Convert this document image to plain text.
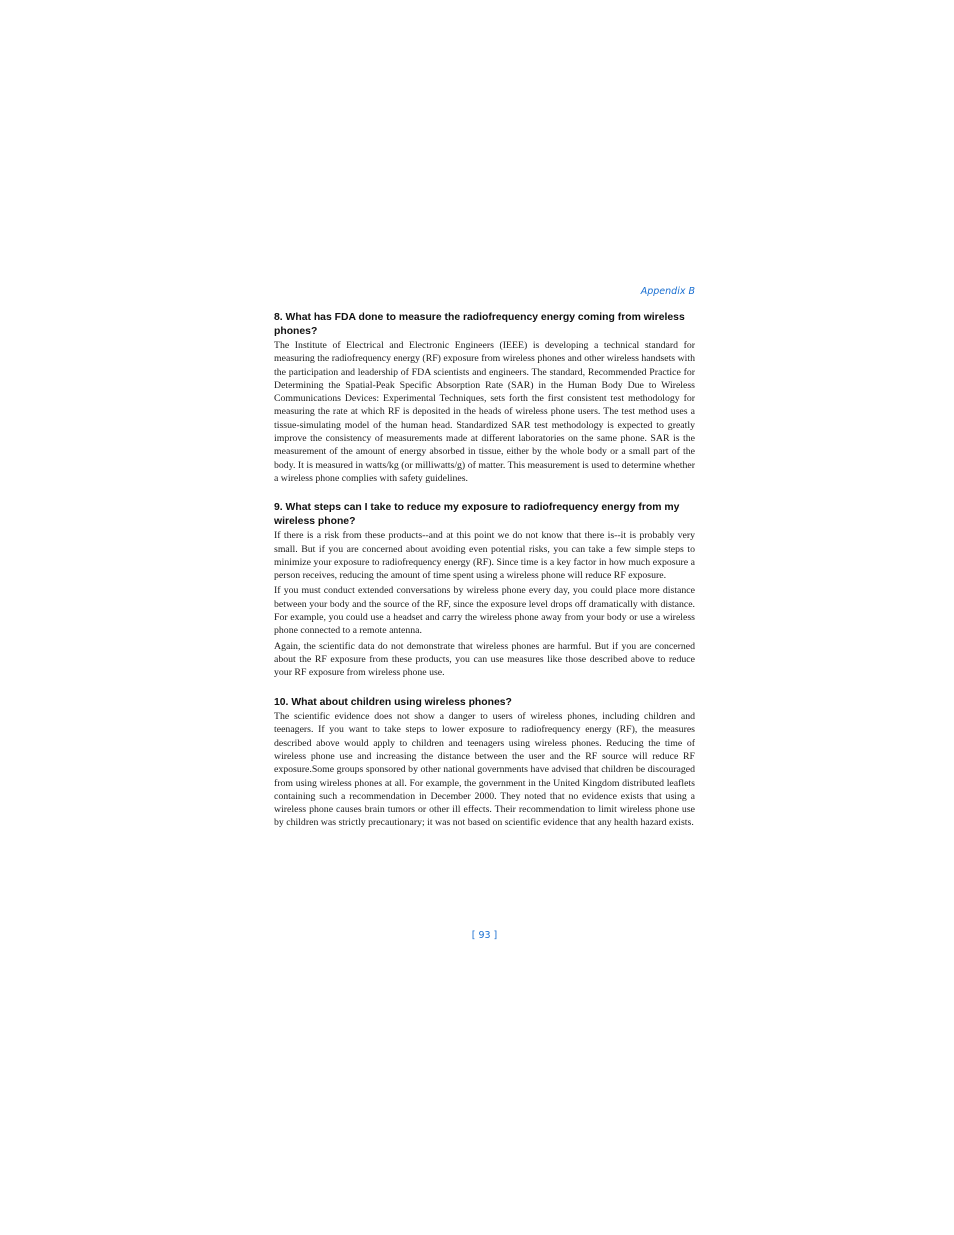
Appendix B
8. What has FDA done to measure the radiofrequency energy coming from wireless phones?

The Institute of Electrical and Electronic Engineers (IEEE) is developing a technical standard for measuring the radiofrequency energy (RF) exposure from wireless phones and other wireless handsets with the participation and leadership of FDA scientists and engineers. The standard, Recommended Practice for Determining the Spatial-Peak Specific Absorption Rate (SAR) in the Human Body Due to Wireless Communications Devices: Experimental Techniques, sets forth the first consistent test methodology for measuring the rate at which RF is deposited in the heads of wireless phone users. The test method uses a tissue-simulating model of the human head. Standardized SAR test methodology is expected to greatly improve the consistency of measurements made at different laboratories on the same phone. SAR is the measurement of the amount of energy absorbed in tissue, either by the whole body or a small part of the body. It is measured in watts/kg (or milliwatts/g) of matter. This measurement is used to determine whether a wireless phone complies with safety guidelines.

9. What steps can I take to reduce my exposure to radiofrequency energy from my wireless phone?

If there is a risk from these products--and at this point we do not know that there is--it is probably very small. But if you are concerned about avoiding even potential risks, you can take a few simple steps to minimize your exposure to radiofrequency energy (RF). Since time is a key factor in how much exposure a person receives, reducing the amount of time spent using a wireless phone will reduce RF exposure.

If you must conduct extended conversations by wireless phone every day, you could place more distance between your body and the source of the RF, since the exposure level drops off dramatically with distance. For example, you could use a headset and carry the wireless phone away from your body or use a wireless phone connected to a remote antenna.

Again, the scientific data do not demonstrate that wireless phones are harmful. But if you are concerned about the RF exposure from these products, you can use measures like those described above to reduce your RF exposure from wireless phone use.

10. What about children using wireless phones?

The scientific evidence does not show a danger to users of wireless phones, including children and teenagers. If you want to take steps to lower exposure to radiofrequency energy (RF), the measures described above would apply to children and teenagers using wireless phones. Reducing the time of wireless phone use and increasing the distance between the user and the RF source will reduce RF exposure.Some groups sponsored by other national governments have advised that children be discouraged from using wireless phones at all. For example, the government in the United Kingdom distributed leaflets containing such a recommendation in December 2000. They noted that no evidence exists that using a wireless phone causes brain tumors or other ill effects. Their recommendation to limit wireless phone use by children was strictly precautionary; it was not based on scientific evidence that any health hazard exists.

[ 93 ]
